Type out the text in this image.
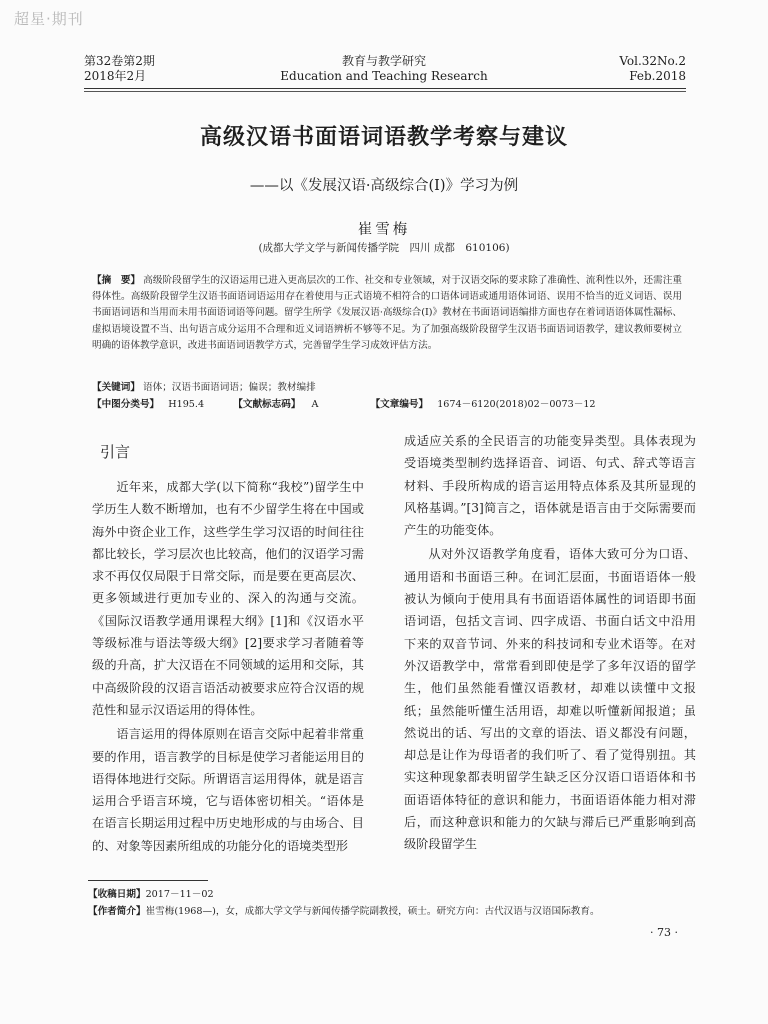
超星·期刊
第32卷第2期
2018年2月
教育与教学研究
Education and Teaching Research
Vol.32No.2
Feb.2018
高级汉语书面语词语教学考察与建议
——以《发展汉语·高级综合(Ⅰ)》学习为例
崔雪梅
(成都大学文学与新闻传播学院　四川 成都　610106)
【摘　要】 高级阶段留学生的汉语运用已进入更高层次的工作、社交和专业领域，对于汉语交际的要求除了准确性、流利性以外，还需注重得体性。高级阶段留学生汉语书面语词语运用存在着使用与正式语境不相符合的口语体词语或通用语体词语、误用不恰当的近义词语、误用书面语词语和当用而未用书面语词语等问题。留学生所学《发展汉语·高级综合(Ⅰ)》教材在书面语词语编排方面也存在着词语语体属性漏标、虚拟语境设置不当、出句语言成分运用不合理和近义词语辨析不够等不足。为了加强高级阶段留学生汉语书面语词语教学，建议教师要树立明确的语体教学意识，改进书面语词语教学方式，完善留学生学习成效评估方法。
【关键词】 语体；汉语书面语词语；偏误；教材编排
【中图分类号】 H195.4	【文献标志码】 A	【文章编号】 1674－6120(2018)02－0073－12
引言

近年来，成都大学(以下简称“我校”)留学生中学历生人数不断增加，也有不少留学生将在中国或海外中资企业工作，这些学生学习汉语的时间往往都比较长，学习层次也比较高，他们的汉语学习需求不再仅仅局限于日常交际，而是要在更高层次、更多领域进行更加专业的、深入的沟通与交流。《国际汉语教学通用课程大纲》[1]和《汉语水平等级标准与语法等级大纲》[2]要求学习者随着等级的升高，扩大汉语在不同领域的运用和交际，其中高级阶段的汉语言语活动被要求应符合汉语的规范性和显示汉语运用的得体性。

语言运用的得体原则在语言交际中起着非常重要的作用，语言教学的目标是使学习者能运用目的语得体地进行交际。所谓语言运用得体，就是语言运用合乎语言环境，它与语体密切相关。“语体是在语言长期运用过程中历史地形成的与由场合、目的、对象等因素所组成的功能分化的语境类型形

成适应关系的全民语言的功能变异类型。具体表现为受语境类型制约选择语音、词语、句式、辞式等语言材料、手段所构成的语言运用特点体系及其所显现的风格基调。”[3]简言之，语体就是语言由于交际需要而产生的功能变体。

从对外汉语教学角度看，语体大致可分为口语、通用语和书面语三种。在词汇层面，书面语语体一般被认为倾向于使用具有书面语语体属性的词语即书面语词语，包括文言词、四字成语、书面白话文中沿用下来的双音节词、外来的科技词和专业术语等。在对外汉语教学中，常常看到即使是学了多年汉语的留学生，他们虽然能看懂汉语教材，却难以读懂中文报纸；虽然能听懂生活用语，却难以听懂新闻报道；虽然说出的话、写出的文章的语法、语义都没有问题，却总是让作为母语者的我们听了、看了觉得别扭。其实这种现象都表明留学生缺乏区分汉语口语语体和书面语语体特征的意识和能力，书面语语体能力相对滞后，而这种意识和能力的欠缺与滞后已严重影响到高级阶段留学生

【收稿日期】2017－11－02
【作者简介】崔雪梅(1968—)，女，成都大学文学与新闻传播学院副教授，硕士。研究方向：古代汉语与汉语国际教育。
· 73 ·
